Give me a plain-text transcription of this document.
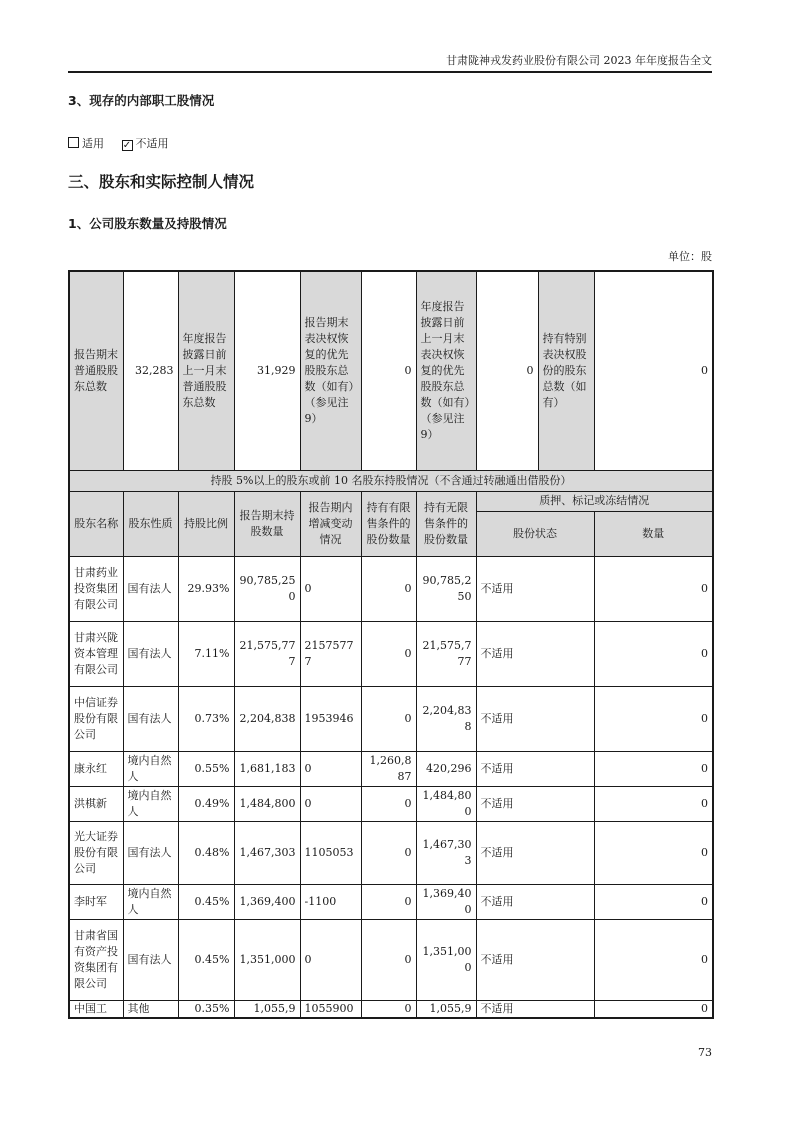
甘肃陇神戎发药业股份有限公司 2023 年年度报告全文
3、现存的内部职工股情况
适用 ✓ 不适用
三、股东和实际控制人情况
1、公司股东数量及持股情况
单位：股
报告期末普通股股东总数	32,283	年度报告披露日前上一月末普通股股东总数	31,929	报告期末表决权恢复的优先股股东总数（如有）（参见注 9）	0	年度报告披露日前上一月末表决权恢复的优先股股东总数（如有）（参见注 9）	0	持有特别表决权股份的股东总数（如有）	0
持股 5%以上的股东或前 10 名股东持股情况（不含通过转融通出借股份）									
股东名称	股东性质	持股比例	报告期末持股数量	报告期内增减变动情况	持有有限售条件的股份数量	持有无限售条件的股份数量	质押、标记或冻结情况		
							股份状态		数量
甘肃药业投资集团有限公司	国有法人	29.93%	90,785,250	0	0	90,785,250	不适用		0
甘肃兴陇资本管理有限公司	国有法人	7.11%	21,575,777	21575777	0	21,575,777	不适用		0
中信证券股份有限公司	国有法人	0.73%	2,204,838	1953946	0	2,204,838	不适用		0
康永红	境内自然人	0.55%	1,681,183	0	1,260,887	420,296	不适用		0
洪棋新	境内自然人	0.49%	1,484,800	0	0	1,484,800	不适用		0
光大证券股份有限公司	国有法人	0.48%	1,467,303	1105053	0	1,467,303	不适用		0
李时军	境内自然人	0.45%	1,369,400	-1100	0	1,369,400	不适用		0
甘肃省国有资产投资集团有限公司	国有法人	0.45%	1,351,000	0	0	1,351,000	不适用		0
中国工	其他	0.35%	1,055,9	1055900	0	1,055,9	不适用		0
73
